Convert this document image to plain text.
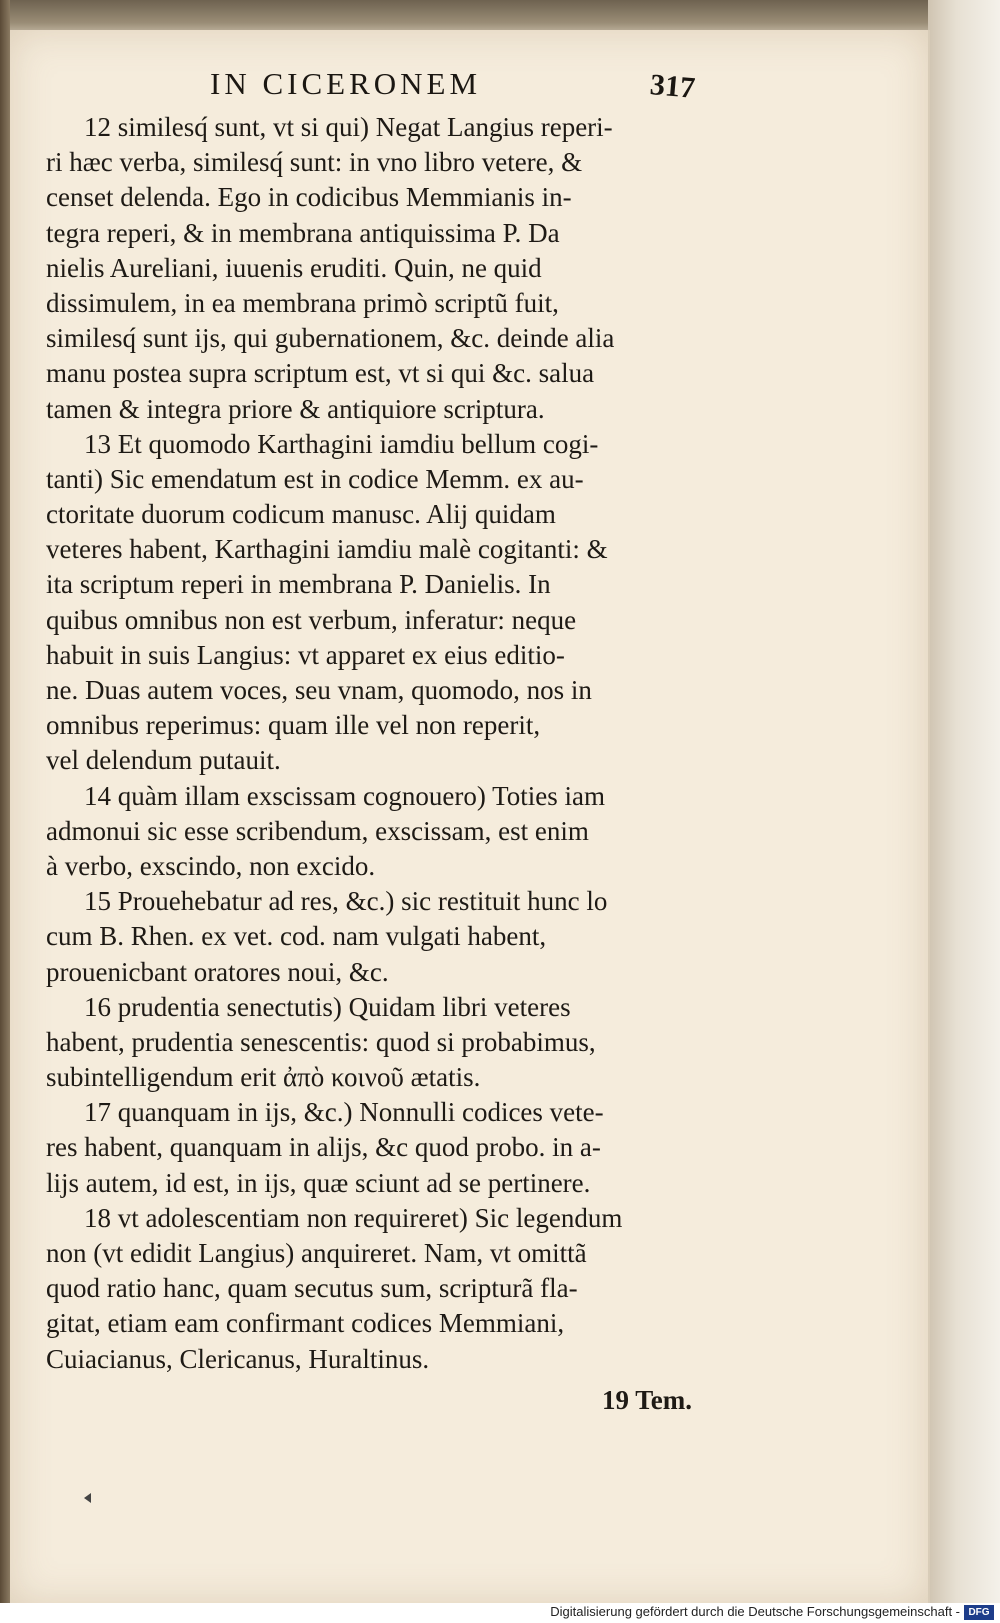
IN CICERONEM	317
12 similesq́ sunt, vt si qui) Negat Langius reperi-
ri hæc verba, similesq́ sunt: in vno libro vetere, &
censet delenda. Ego in codicibus Memmianis in-
tegra reperi, & in membrana antiquissima P. Da
nielis Aureliani, iuuenis eruditi. Quin, ne quid
dissimulem, in ea membrana primò scriptũ fuit,
similesq́ sunt ijs, qui gubernationem, &c. deinde alia
manu postea supra scriptum est, vt si qui &c. salua
tamen & integra priore & antiquiore scriptura.
13 Et quomodo Karthagini iamdiu bellum cogi-
tanti) Sic emendatum est in codice Memm. ex au-
ctoritate duorum codicum manusc. Alij quidam
veteres habent, Karthagini iamdiu malè cogitanti: &
ita scriptum reperi in membrana P. Danielis. In
quibus omnibus non est verbum, inferatur: neque
habuit in suis Langius: vt apparet ex eius editio-
ne. Duas autem voces, seu vnam, quomodo, nos in
omnibus reperimus: quam ille vel non reperit,
vel delendum putauit.
14 quàm illam exscissam cognouero) Toties iam
admonui sic esse scribendum, exscissam, est enim
à verbo, exscindo, non excido.
15 Prouehebatur ad res, &c.) sic restituit hunc lo
cum B. Rhen. ex vet. cod. nam vulgati habent,
prouenicbant oratores noui, &c.
16 prudentia senectutis) Quidam libri veteres
habent, prudentia senescentis: quod si probabimus,
subintelligendum erit ἀπὸ κοινοῦ ætatis.
17 quanquam in ijs, &c.) Nonnulli codices vete-
res habent, quanquam in alijs, &c quod probo. in a-
lijs autem, id est, in ijs, quæ sciunt ad se pertinere.
18 vt adolescentiam non requireret) Sic legendum
non (vt edidit Langius) anquireret. Nam, vt omittã
quod ratio hanc, quam secutus sum, scripturã fla-
gitat, etiam eam confirmant codices Memmiani,
Cuiacianus, Clericanus, Huraltinus.
19 Tem.
Digitalisierung gefördert durch die Deutsche Forschungsgemeinschaft - DFG
